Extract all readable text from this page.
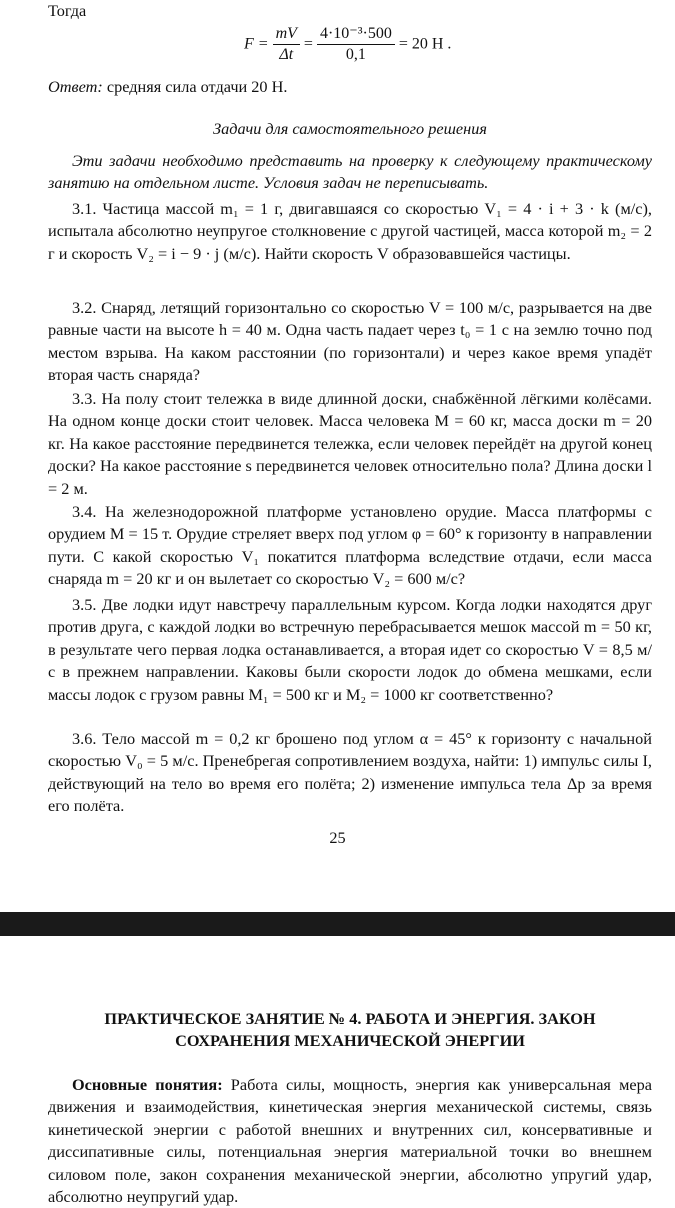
Тогда
$F = \frac{mV}{\Delta t} = \frac{\text{4·10⁻³·500}}{0,1} = 20$ Н .
Ответ: средняя сила отдачи 20 Н.
Задачи для самостоятельного решения
Эти задачи необходимо представить на проверку к следующему практическому занятию на отдельном листе. Условия задач не переписывать.
3.1. Частица массой m₁ = 1 г, двигавшаяся со скоростью V₁ = 4 · i + 3 · k (м/с), испытала абсолютно неупругое столкновение с другой частицей, масса которой m₂ = 2 г и скорость V₂ = i − 9 · j (м/с). Найти скорость V образовавшейся частицы.
3.2. Снаряд, летящий горизонтально со скоростью V = 100 м/с, разрывается на две равные части на высоте h = 40 м. Одна часть падает через t₀ = 1 с на землю точно под местом взрыва. На каком расстоянии (по горизонтали) и через какое время упадёт вторая часть снаряда?
3.3. На полу стоит тележка в виде длинной доски, снабжённой лёгкими колёсами. На одном конце доски стоит человек. Масса человека M = 60 кг, масса доски m = 20 кг. На какое расстояние передвинется тележка, если человек перейдёт на другой конец доски? На какое расстояние s передвинется человек относительно пола? Длина доски l = 2 м.
3.4. На железнодорожной платформе установлено орудие. Масса платформы с орудием M = 15 т. Орудие стреляет вверх под углом φ = 60° к горизонту в направлении пути. С какой скоростью V₁ покатится платформа вследствие отдачи, если масса снаряда m = 20 кг и он вылетает со скоростью V₂ = 600 м/с?
3.5. Две лодки идут навстречу параллельным курсом. Когда лодки находятся друг против друга, с каждой лодки во встречную перебрасывается мешок массой m = 50 кг, в результате чего первая лодка останавливается, а вторая идет со скоростью V = 8,5 м/с в прежнем направлении. Каковы были скорости лодок до обмена мешками, если массы лодок с грузом равны M₁ = 500 кг и M₂ = 1000 кг соответственно?
3.6. Тело массой m = 0,2 кг брошено под углом α = 45° к горизонту с начальной скоростью V₀ = 5 м/с. Пренебрегая сопротивлением воздуха, найти: 1) импульс силы I, действующий на тело во время его полёта; 2) изменение импульса тела Δp за время его полёта.
25
ПРАКТИЧЕСКОЕ ЗАНЯТИЕ № 4. РАБОТА И ЭНЕРГИЯ. ЗАКОН СОХРАНЕНИЯ МЕХАНИЧЕСКОЙ ЭНЕРГИИ
Основные понятия: Работа силы, мощность, энергия как универсальная мера движения и взаимодействия, кинетическая энергия механической системы, связь кинетической энергии с работой внешних и внутренних сил, консервативные и диссипативные силы, потенциальная энергия материальной точки во внешнем силовом поле, закон сохранения механической энергии, абсолютно упругий удар, абсолютно неупругий удар.
